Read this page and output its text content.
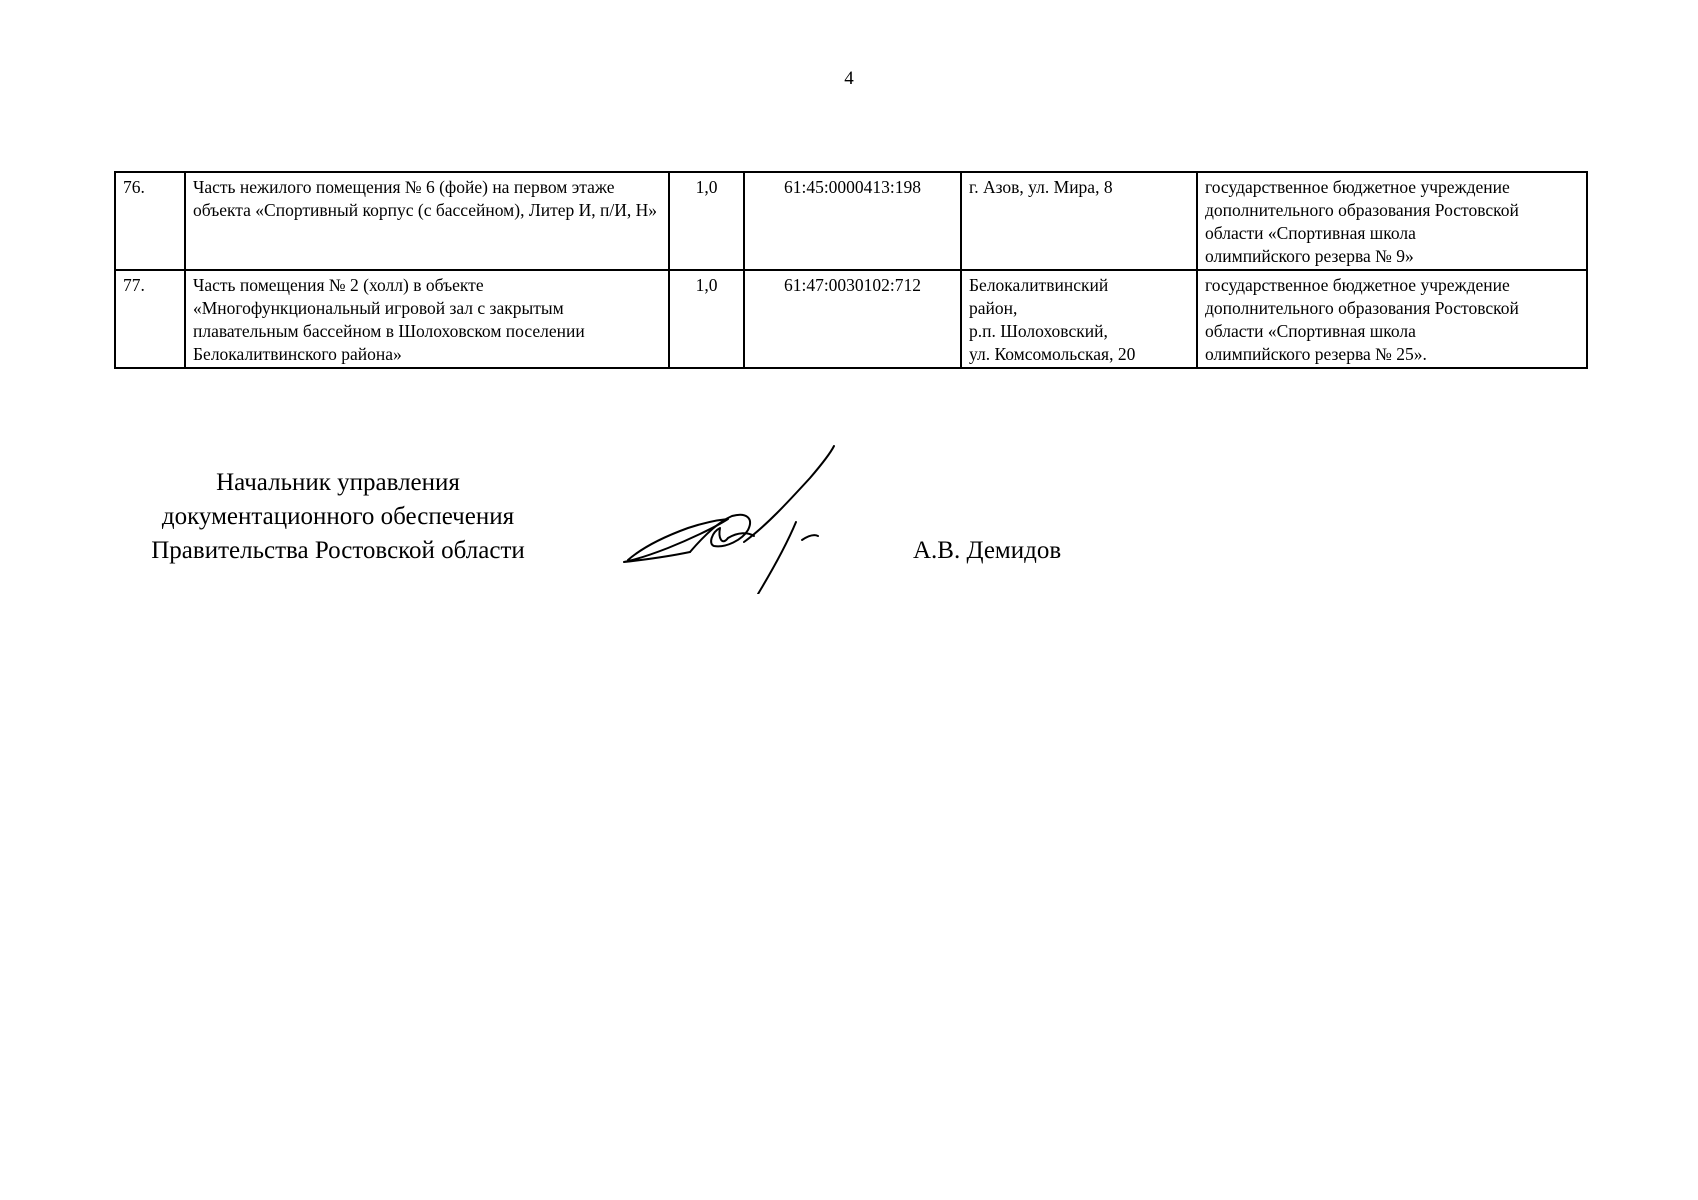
4
76.	Часть нежилого помещения № 6 (фойе) на первом этаже объекта «Спортивный корпус (с бассейном), Литер И, п/И, Н»	1,0	61:45:0000413:198	г. Азов, ул. Мира, 8	государственное бюджетное учреждение дополнительного образования Ростовской области «Спортивная школа
олимпийского резерва № 9»
77.	Часть помещения № 2 (холл) в объекте «Многофункциональный игровой зал с закрытым плавательным бассейном в Шолоховском поселении Белокалитвинского района»	1,0	61:47:0030102:712	Белокалитвинский
район,
р.п. Шолоховский,
ул. Комсомольская, 20	государственное бюджетное учреждение дополнительного образования Ростовской области «Спортивная школа
олимпийского резерва № 25».
Начальник управления
документационного обеспечения
Правительства Ростовской области	А.В. Демидов
